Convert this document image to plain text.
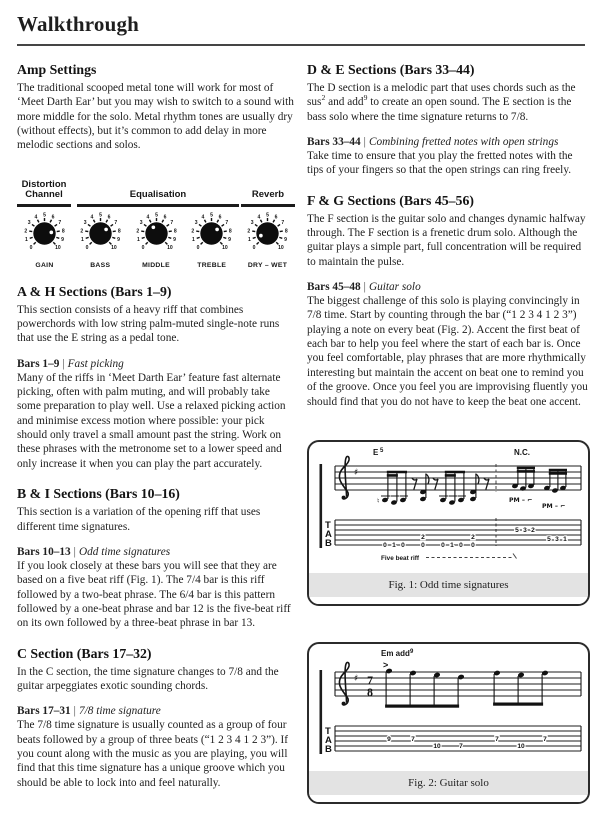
Walkthrough
Amp Settings

The traditional scooped metal tone will work for most of ‘Meet Darth Ear’ but you may wish to switch to a sound with more middle for the solo. Metal rhythm tones are usually dry (without effects), but it’s common to add delay in more melodic sections and solos.

Distortion Channel	Equalisation	Reverb
0
1
2
3
4 5 6
7
8
9
10
GAIN
0
1
2
3
4 5 6
7
8
9
10
BASS
0
1
2
3
4 5 6
7
8
9
10
MIDDLE
0
1
2
3
4 5 6
7
8
9
10
TREBLE
0
1
2
3
4 5 6
7
8
9
10
DRY – WET
A & H Sections (Bars 1–9)

This section consists of a heavy riff that combines powerchords with low string palm-muted single-note runs that use the E string as a pedal tone.

Bars 1–9 | Fast picking

Many of the riffs in ‘Meet Darth Ear’ feature fast alternate picking, often with palm muting, and will probably take some preparation to play well. Use a relaxed picking action and minimise excess motion where possible: your pick should only travel a small amount past the string. Work on these phrases with the metronome set to a lower speed and only increase it when you can play the part accurately.

B & I Sections (Bars 10–16)

This section is a variation of the opening riff that uses different time signatures.

Bars 10–13 | Odd time signatures

If you look closely at these bars you will see that they are based on a five beat riff (Fig. 1). The 7/4 bar is this riff followed by a two-beat phrase. The 6/4 bar is this pattern followed by a one-beat phrase and bar 12 is the five-beat riff on its own followed by a three-beat phrase in bar 13.

C Section (Bars 17–32)

In the C section, the time signature changes to 7/8 and the guitar arpeggiates exotic sounding chords.

Bars 17–31 | 7/8 time signature

The 7/8 time signature is usually counted as a group of four beats followed by a group of three beats (“1 2 3 4 1 2 3”). If you count along with the music as you are playing, you will find that this time signature has a unique groove which you should be able to lock into and feel naturally.

D & E Sections (Bars 33–44)

The D section is a melodic part that uses chords such as the sus$^2$ and add$^9$ to create an open sound. The E section is the bass solo where the time signature returns to 7/8.

Bars 33–44 | Combining fretted notes with open strings

Take time to ensure that you play the fretted notes with the tips of your fingers so that the open strings can ring freely.

F & G Sections (Bars 45–56)

The F section is the guitar solo and changes dynamic halfway through. The F section is a frenetic drum solo. Although the guitar plays a simple part, full concentration will be required to maintain the pulse.

Bars 45–48 | Guitar solo

The biggest challenge of this solo is playing convincingly in 7/8 time. Start by counting through the bar (“1 2 3 4 1 2 3”) playing a note on every beat (Fig. 2). Accent the first beat of each bar to help you feel where the start of each bar is. Once you feel comfortable, play phrases that are more rhythmically interesting but maintain the accent on beat one to remind you of the groove. Once you feel you are improvising fluently you should find that you do not have to keep the beat one accent.

♯
E 5	N.C.
♮	PM – ⌐
PM – ⌐
T
A
B	0 1 0
2
0 0 1 0
2
0
5 3 2
5 3 1
Five beat riff
Fig. 1: Odd time signatures
♯ 7
8
Em add 9
>
T
A
B
9	7
10	7
7
10
7
Fig. 2: Guitar solo
